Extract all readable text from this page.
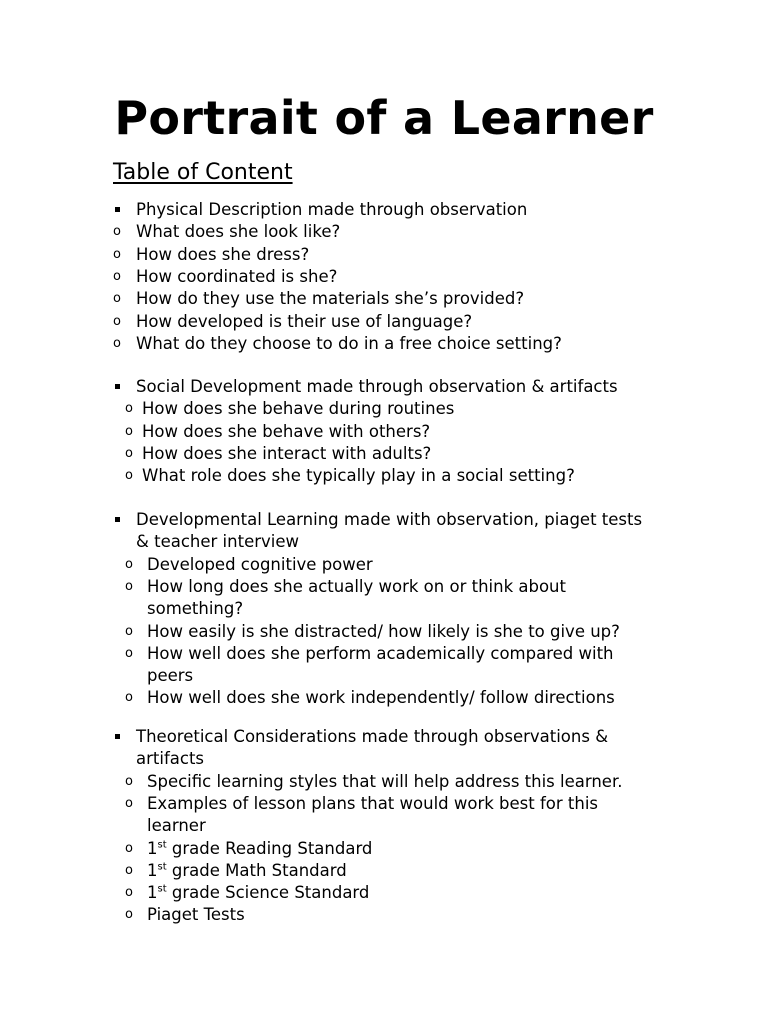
Portrait of a Learner
Table of Content
Physical Description made through observation
o What does she look like?
o How does she dress?
o How coordinated is she?
o How do they use the materials she’s provided?
o How developed is their use of language?
o What do they choose to do in a free choice setting?
Social Development made through observation & artifacts
o How does she behave during routines
o How does she behave with others?
o How does she interact with adults?
o What role does she typically play in a social setting?
Developmental Learning made with observation, piaget tests
& teacher interview
o Developed cognitive power
o How long does she actually work on or think about
something?
o How easily is she distracted/ how likely is she to give up?
o How well does she perform academically compared with
peers
o How well does she work independently/ follow directions
Theoretical Considerations made through observations &
artifacts
o Specific learning styles that will help address this learner.
o Examples of lesson plans that would work best for this
learner
o 1st grade Reading Standard
o 1st grade Math Standard
o 1st grade Science Standard
o Piaget Tests
